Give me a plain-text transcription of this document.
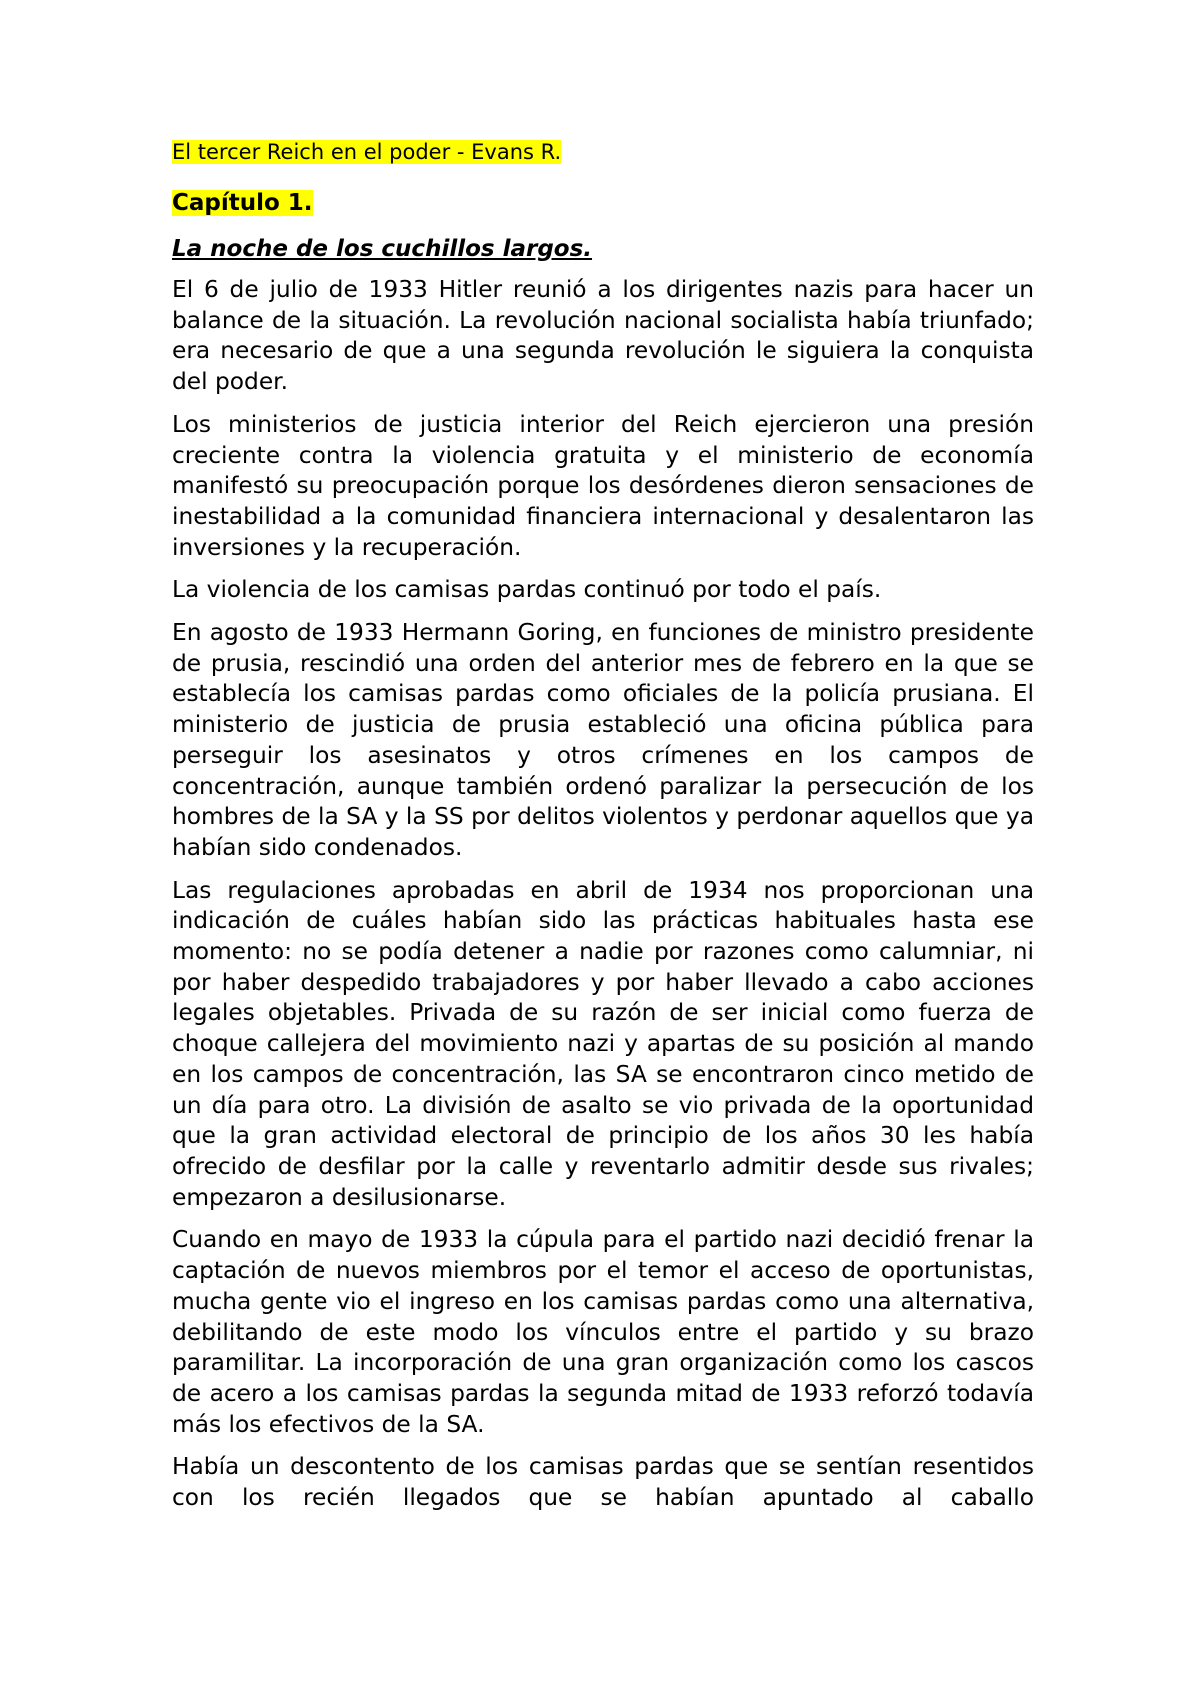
El tercer Reich en el poder - Evans R.
Capítulo 1.
La noche de los cuchillos largos.

El 6 de julio de 1933 Hitler reunió a los dirigentes nazis para hacer un balance de la situación. La revolución nacional socialista había triunfado; era necesario de que a una segunda revolución le siguiera la conquista del poder.

Los ministerios de justicia interior del Reich ejercieron una presión creciente contra la violencia gratuita y el ministerio de economía manifestó su preocupación porque los desórdenes dieron sensaciones de inestabilidad a la comunidad financiera internacional y desalentaron las inversiones y la recuperación.

La violencia de los camisas pardas continuó por todo el país.

En agosto de 1933 Hermann Goring, en funciones de ministro presidente de prusia, rescindió una orden del anterior mes de febrero en la que se establecía los camisas pardas como oficiales de la policía prusiana. El ministerio de justicia de prusia estableció una oficina pública para perseguir los asesinatos y otros crímenes en los campos de concentración, aunque también ordenó paralizar la persecución de los hombres de la SA y la SS por delitos violentos y perdonar aquellos que ya habían sido condenados.

Las regulaciones aprobadas en abril de 1934 nos proporcionan una indicación de cuáles habían sido las prácticas habituales hasta ese momento: no se podía detener a nadie por razones como calumniar, ni por haber despedido trabajadores y por haber llevado a cabo acciones legales objetables. Privada de su razón de ser inicial como fuerza de choque callejera del movimiento nazi y apartas de su posición al mando en los campos de concentración, las SA se encontraron cinco metido de un día para otro. La división de asalto se vio privada de la oportunidad que la gran actividad electoral de principio de los años 30 les había ofrecido de desfilar por la calle y reventarlo admitir desde sus rivales; empezaron a desilusionarse.

Cuando en mayo de 1933 la cúpula para el partido nazi decidió frenar la captación de nuevos miembros por el temor el acceso de oportunistas, mucha gente vio el ingreso en los camisas pardas como una alternativa, debilitando de este modo los vínculos entre el partido y su brazo paramilitar. La incorporación de una gran organización como los cascos de acero a los camisas pardas la segunda mitad de 1933 reforzó todavía más los efectivos de la SA.

Había un descontento de los camisas pardas que se sentían resentidos con los recién llegados que se habían apuntado al caballo
